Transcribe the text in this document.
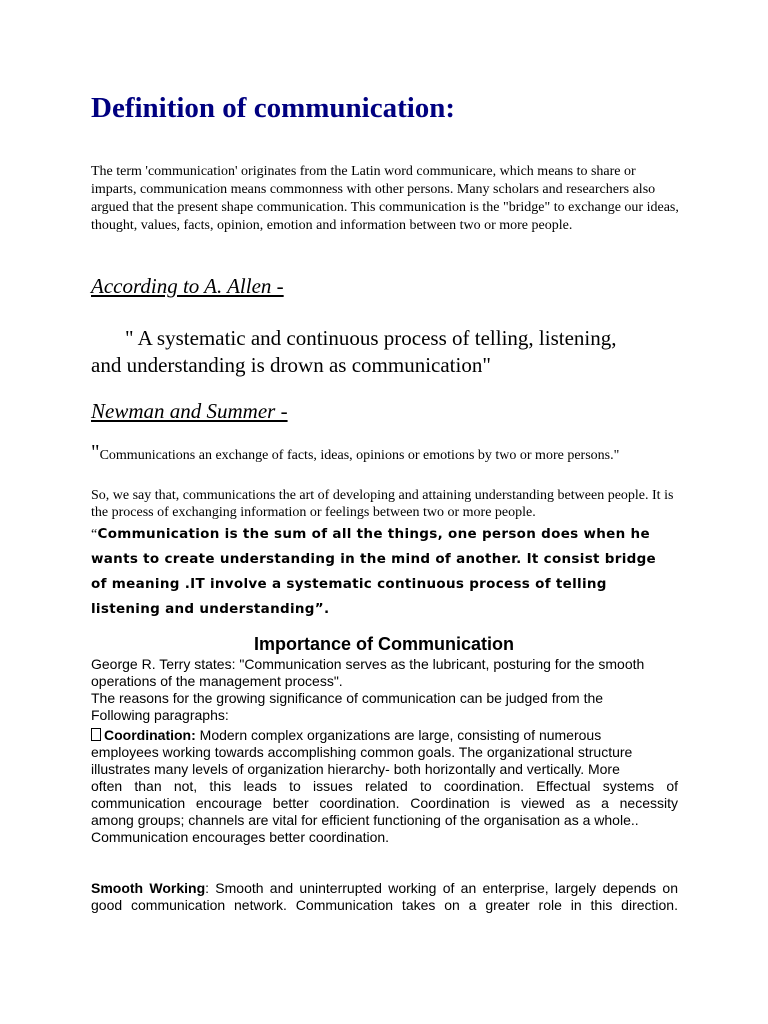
Definition of communication:

The term 'communication' originates from the Latin word communicare, which means to share or imparts, communication means commonness with other persons. Many scholars and researchers also argued that the present shape communication. This communication is the "bridge" to exchange our ideas, thought, values, facts, opinion, emotion and information between two or more people.

According to A. Allen -

" A systematic and continuous process of telling, listening,
and understanding is drown as communication"

Newman and Summer -

"Communications an exchange of facts, ideas, opinions or emotions by two or more persons."

So, we say that, communications the art of developing and attaining understanding between people. It is the process of exchanging information or feelings between two or more people.

“Communication is the sum of all the things, one person does when he
wants to create understanding in the mind of another. It consist bridge
of meaning .IT involve a systematic continuous process of telling
listening and understanding”.

Importance of Communication

George R. Terry states: "Communication serves as the lubricant, posturing for the smooth operations of the management process".

The reasons for the growing significance of communication can be judged from the
Following paragraphs:

Coordination: Modern complex organizations are large, consisting of numerous
employees working towards accomplishing common goals. The organizational structure
illustrates many levels of organization hierarchy- both horizontally and vertically. More

often than not, this leads to issues related to coordination. Effectual systems of
communication encourage better coordination. Coordination is viewed as a necessity
among groups; channels are vital for efficient functioning of the organisation as a whole..
Communication encourages better coordination.
Smooth Working: Smooth and uninterrupted working of an enterprise, largely depends on
good communication network. Communication takes on a greater role in this direction.
